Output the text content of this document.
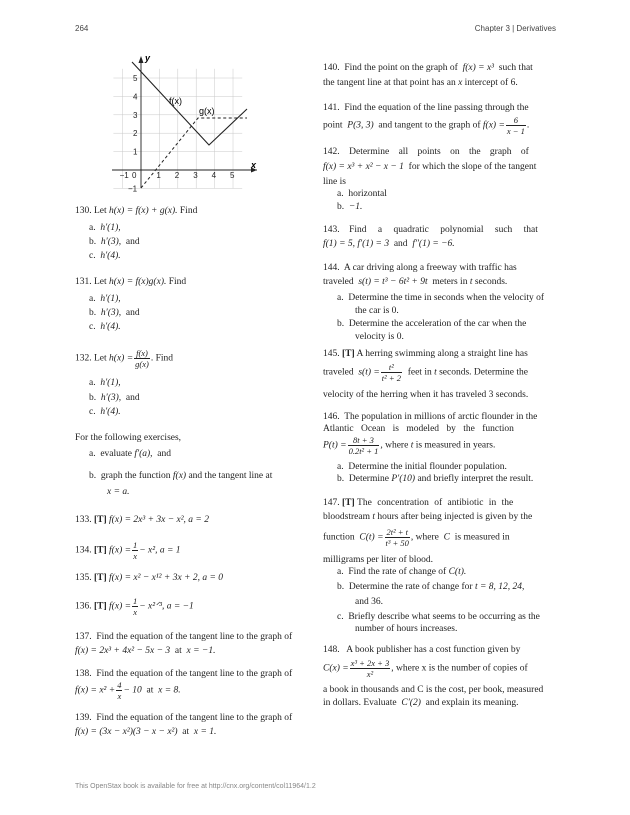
264	Chapter 3 | Derivatives
−1 0 1 2 3 4 5
5
4
3
2
1
−1
y
x
f(x)
g(x)
130. Let h(x) = f(x) + g(x). Find
a. h′(1),
b. h′(3), and
c. h′(4).
131. Let h(x) = f(x)g(x). Find
a. h′(1),
b. h′(3), and
c. h′(4).
132. Let $h(x) = \frac{f(x)}{g(x)}$ . Find
a. h′(1),
b. h′(3), and
c. h′(4).
For the following exercises,
a. evaluate f′(a), and
b. graph the function f(x) and the tangent line at
x = a.
133. [T] f(x) = 2x³ + 3x − x², a = 2
134. [T] $f(x) = \frac{1}{x} - x^2$, a = 1
135. [T] f(x) = x² − x¹² + 3x + 2, a = 0
136. [T] $f(x) = \frac{1}{x}$ − x²ᐟ³, a = −1
137. Find the equation of the tangent line to the graph of
f(x) = 2x³ + 4x² − 5x − 3 at x = −1.
138. Find the equation of the tangent line to the graph of
$f(x) = x^2 + \frac{4}{x} - 10$ at x = 8.
139. Find the equation of the tangent line to the graph of
f(x) = (3x − x²)(3 − x − x²) at x = 1.
140. Find the point on the graph of f(x) = x³ such that
the tangent line at that point has an x intercept of 6.
141. Find the equation of the line passing through the
point P(3, 3) and tangent to the graph of $f(x) = \frac{6}{x - 1}$ .
142. Determine all points on the graph of
f(x) = x³ + x² − x − 1 for which the slope of the tangent
line is
a. horizontal
b. −1.
143. Find a quadratic polynomial such that
f(1) = 5, f′(1) = 3 and f″(1) = −6.
144. A car driving along a freeway with traffic has
traveled s(t) = t³ − 6t² + 9t meters in t seconds.
a. Determine the time in seconds when the velocity of
the car is 0.
b. Determine the acceleration of the car when the
velocity is 0.
145. [T] A herring swimming along a straight line has
traveled $s(t) = \frac{\text{t²}}{\text{t² + 2}}$ feet in t seconds. Determine the
velocity of the herring when it has traveled 3 seconds.
146. The population in millions of arctic flounder in the
Atlantic Ocean is modeled by the function
$P(t) = \frac{8t + 3}{\text{0.2t² + 1}}$ , where t is measured in years.
a. Determine the initial flounder population.
b. Determine P′(10) and briefly interpret the result.
147. [T] The concentration of antibiotic in the
bloodstream t hours after being injected is given by the
function $C(t) = \frac{\text{2t² + t}}{\text{t³ + 50}}$ , where C is measured in
milligrams per liter of blood.
a. Find the rate of change of C(t).
b. Determine the rate of change for t = 8, 12, 24,
and 36.
c. Briefly describe what seems to be occurring as the
number of hours increases.
148. A book publisher has a cost function given by
$C(x) = \frac{\text{x³ + 2x + 3}}{\text{x²}}$ , where x is the number of copies of
a book in thousands and C is the cost, per book, measured
in dollars. Evaluate C′(2) and explain its meaning.
This OpenStax book is available for free at http://cnx.org/content/col11964/1.2
